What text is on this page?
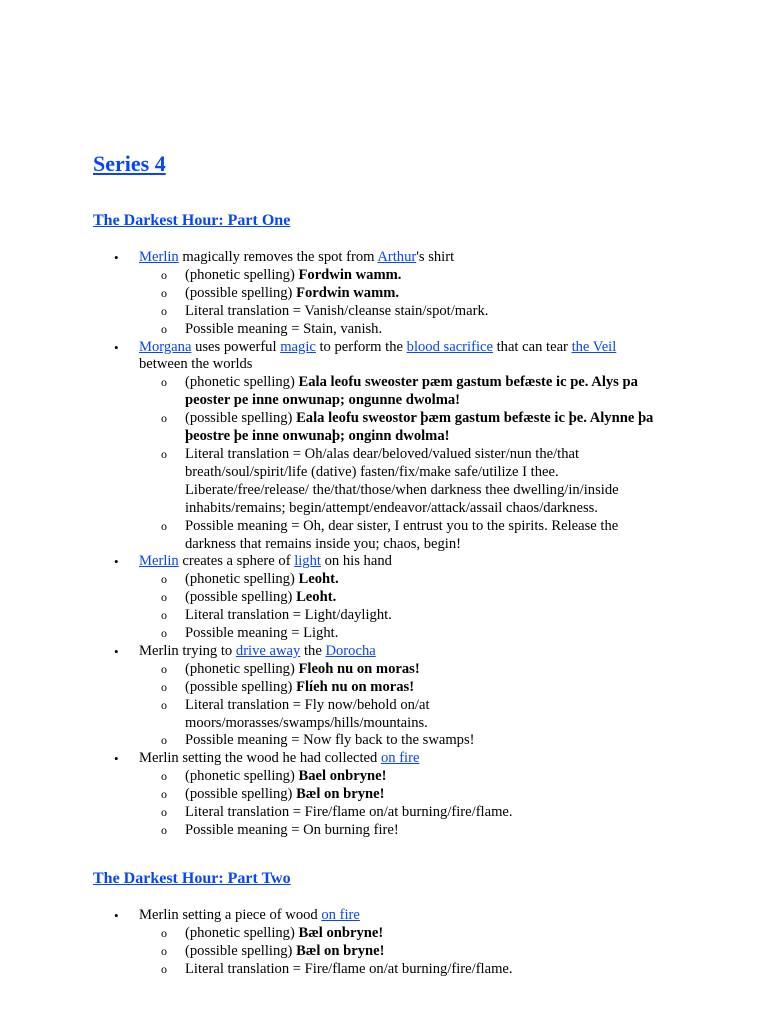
Series 4
The Darkest Hour: Part One
• Merlin magically removes the spot from Arthur's shirt
o (phonetic spelling) Fordwin wamm.
o (possible spelling) Fordwin wamm.
o Literal translation = Vanish/cleanse stain/spot/mark.
o Possible meaning = Stain, vanish.
• Morgana uses powerful magic to perform the blood sacrifice that can tear the Veil between the worlds
o (phonetic spelling) Eala leofu sweoster pæm gastum befæste ic pe. Alys pa peoster pe inne onwunap; ongunne dwolma!
o (possible spelling) Eala leofu sweostor þæm gastum befæste ic þe. Alynne þa þeostre þe inne onwunaþ; onginn dwolma!
o Literal translation = Oh/alas dear/beloved/valued sister/nun the/that breath/soul/spirit/life (dative) fasten/fix/make safe/utilize I thee. Liberate/free/release/ the/that/those/when darkness thee dwelling/in/inside inhabits/remains; begin/attempt/endeavor/attack/assail chaos/darkness.
o Possible meaning = Oh, dear sister, I entrust you to the spirits. Release the darkness that remains inside you; chaos, begin!
• Merlin creates a sphere of light on his hand
o (phonetic spelling) Leoht.
o (possible spelling) Leoht.
o Literal translation = Light/daylight.
o Possible meaning = Light.
• Merlin trying to drive away the Dorocha
o (phonetic spelling) Fleoh nu on moras!
o (possible spelling) Flíeh nu on moras!
o Literal translation = Fly now/behold on/at moors/morasses/swamps/hills/mountains.
o Possible meaning = Now fly back to the swamps!
• Merlin setting the wood he had collected on fire
o (phonetic spelling) Bael onbryne!
o (possible spelling) Bæl on bryne!
o Literal translation = Fire/flame on/at burning/fire/flame.
o Possible meaning = On burning fire!
The Darkest Hour: Part Two
• Merlin setting a piece of wood on fire
o (phonetic spelling) Bæl onbryne!
o (possible spelling) Bæl on bryne!
o Literal translation = Fire/flame on/at burning/fire/flame.
